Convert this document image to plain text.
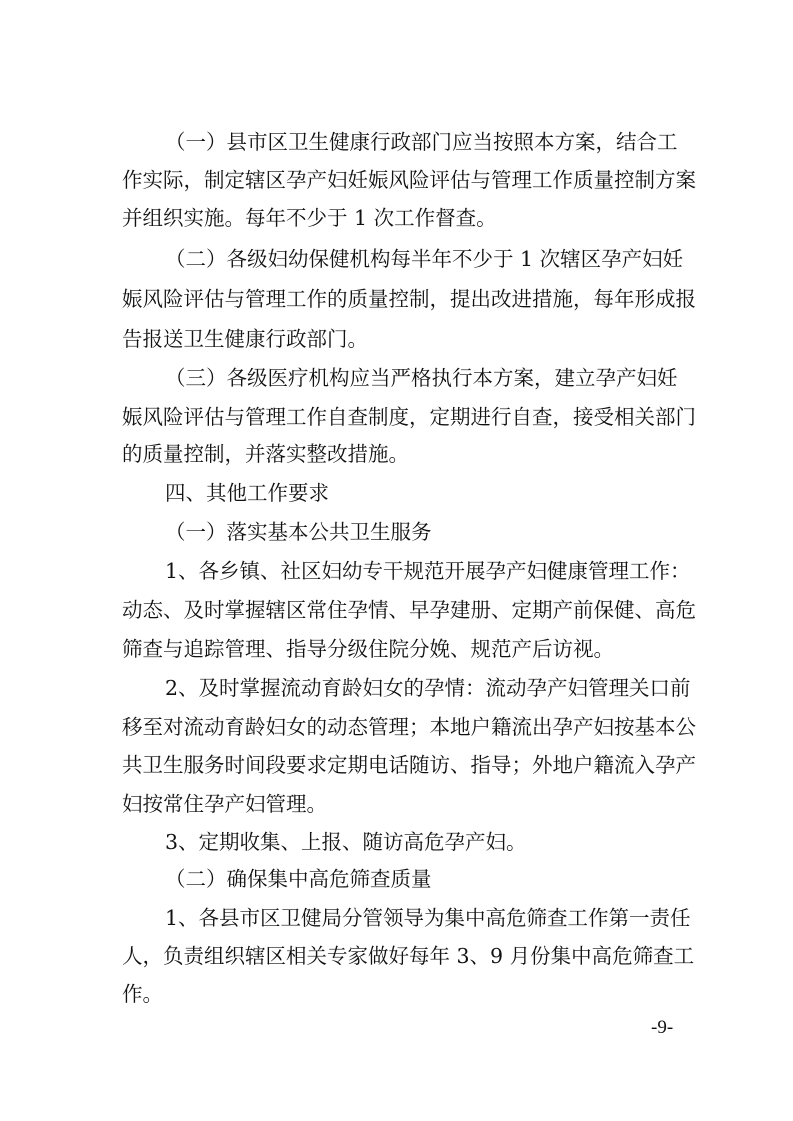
（一）县市区卫生健康行政部门应当按照本方案，结合工
作实际，制定辖区孕产妇妊娠风险评估与管理工作质量控制方案
并组织实施。每年不少于 1 次工作督查。
（二）各级妇幼保健机构每半年不少于 1 次辖区孕产妇妊
娠风险评估与管理工作的质量控制，提出改进措施，每年形成报
告报送卫生健康行政部门。
（三）各级医疗机构应当严格执行本方案，建立孕产妇妊
娠风险评估与管理工作自查制度，定期进行自查，接受相关部门
的质量控制，并落实整改措施。
四、其他工作要求
（一）落实基本公共卫生服务
1、各乡镇、社区妇幼专干规范开展孕产妇健康管理工作：
动态、及时掌握辖区常住孕情、早孕建册、定期产前保健、高危
筛查与追踪管理、指导分级住院分娩、规范产后访视。
2、及时掌握流动育龄妇女的孕情：流动孕产妇管理关口前
移至对流动育龄妇女的动态管理；本地户籍流出孕产妇按基本公
共卫生服务时间段要求定期电话随访、指导；外地户籍流入孕产
妇按常住孕产妇管理。
3、定期收集、上报、随访高危孕产妇。
（二）确保集中高危筛查质量
1、各县市区卫健局分管领导为集中高危筛查工作第一责任
人，负责组织辖区相关专家做好每年 3、9 月份集中高危筛查工
作。
-9-
